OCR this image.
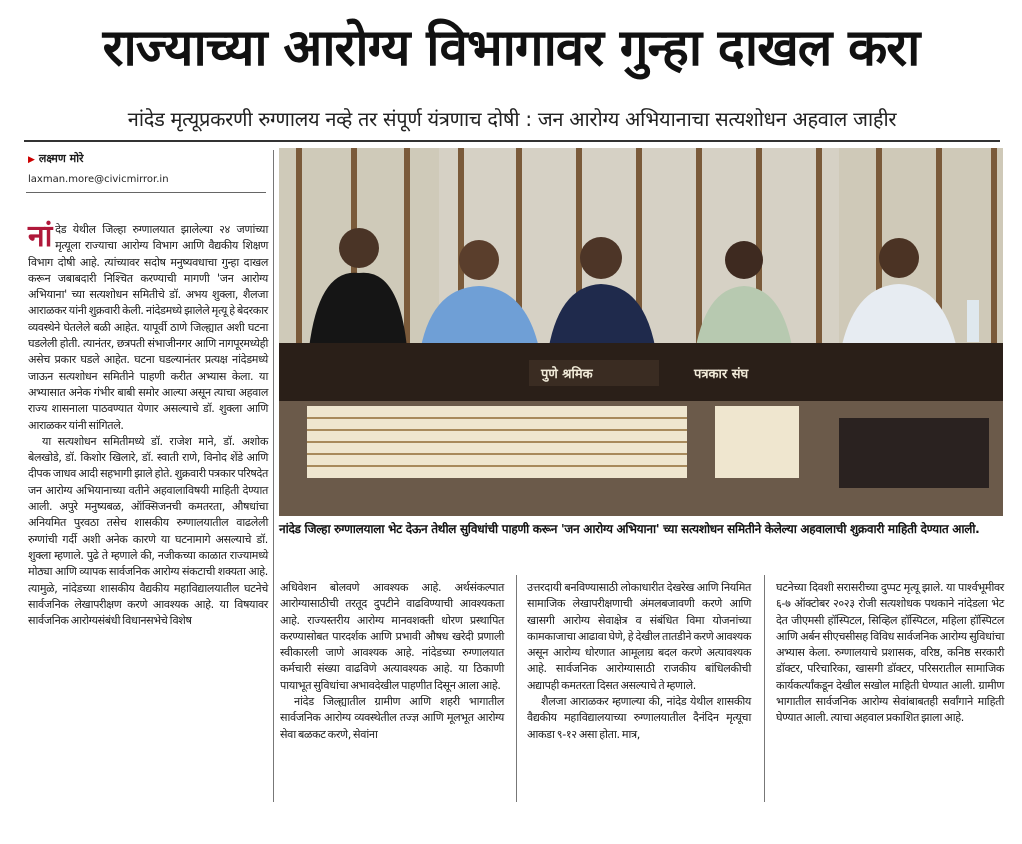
राज्याच्या आरोग्य विभागावर गुन्हा दाखल करा
नांदेड मृत्यूप्रकरणी रुग्णालय नव्हे तर संपूर्ण यंत्रणाच दोषी : जन आरोग्य अभियानाचा सत्यशोधन अहवाल जाहीर
▶ लक्ष्मण मोरे
laxman.more@civicmirror.in

नांदेड येथील जिल्हा रुग्णालयात झालेल्या २४ जणांच्या मृत्यूला राज्याचा आरोग्य विभाग आणि वैद्यकीय शिक्षण विभाग दोषी आहे. त्यांच्यावर सदोष मनुष्यवधाचा गुन्हा दाखल करून जबाबदारी निश्चित करण्याची मागणी 'जन आरोग्य अभियाना' च्या सत्यशोधन समितीचे डॉ. अभय शुक्ला, शैलजा आराळकर यांनी शुक्रवारी केली. नांदेडमध्ये झालेले मृत्यू हे बेदरकार व्यवस्थेने घेतलेले बळी आहेत. यापूर्वी ठाणे जिल्ह्यात अशी घटना घडलेली होती. त्यानंतर, छत्रपती संभाजीनगर आणि नागपूरमध्येही असेच प्रकार घडले आहेत. घटना घडल्यानंतर प्रत्यक्ष नांदेडमध्ये जाऊन सत्यशोधन समितीने पाहणी करीत अभ्यास केला. या अभ्यासात अनेक गंभीर बाबी समोर आल्या असून त्याचा अहवाल राज्य शासनाला पाठवण्यात येणार असल्याचे डॉ. शुक्ला आणि आराळकर यांनी सांगितले.

या सत्यशोधन समितीमध्ये डॉ. राजेश माने, डॉ. अशोक बेलखोडे, डॉ. किशोर खिलारे, डॉ. स्वाती राणे, विनोद शेंडे आणि दीपक जाधव आदी सहभागी झाले होते. शुक्रवारी पत्रकार परिषदेत जन आरोग्य अभियानाच्या वतीने अहवालाविषयी माहिती देण्यात आली. अपुरे मनुष्यबळ, ऑक्सिजनची कमतरता, औषधांचा अनियमित पुरवठा तसेच शासकीय रुग्णालयातील वाढलेली रुग्णांची गर्दी अशी अनेक कारणे या घटनामागे असल्याचे डॉ. शुक्ला म्हणाले. पुढे ते म्हणाले की, नजीकच्या काळात राज्यामध्ये मोठ्या आणि व्यापक सार्वजनिक आरोग्य संकटाची शक्यता आहे. त्यामुळे, नांदेडच्या शासकीय वैद्यकीय महाविद्यालयातील घटनेचे सार्वजनिक लेखापरीक्षण करणे आवश्यक आहे. या विषयावर सार्वजनिक आरोग्यसंबंधी विधानसभेचे विशेष

पुणे श्रमिक	पत्रकार संघ
नांदेड जिल्हा रुग्णालयाला भेट देऊन तेथील सुविधांची पाहणी करून 'जन आरोग्य अभियाना' च्या सत्यशोधन समितीने केलेल्या अहवालाची शुक्रवारी माहिती देण्यात आली.

अधिवेशन बोलवणे आवश्यक आहे. अर्थसंकल्पात आरोग्यासाठीची तरतूद दुपटीने वाढविण्याची आवश्यकता आहे. राज्यस्तरीय आरोग्य मानवशक्ती धोरण प्रस्थापित करण्यासोबत पारदर्शक आणि प्रभावी औषध खरेदी प्रणाली स्वीकारली जाणे आवश्यक आहे. नांदेडच्या रुग्णालयात कर्मचारी संख्या वाढविणे अत्यावश्यक आहे. या ठिकाणी पायाभूत सुविधांचा अभावदेखील पाहणीत दिसून आला आहे.

नांदेड जिल्ह्यातील ग्रामीण आणि शहरी भागातील सार्वजनिक आरोग्य व्यवस्थेतील तज्ज्ञ आणि मूलभूत आरोग्य सेवा बळकट करणे, सेवांना

उत्तरदायी बनविण्यासाठी लोकाधारीत देखरेख आणि नियमित सामाजिक लेखापरीक्षणाची अंमलबजावणी करणे आणि खासगी आरोग्य सेवाक्षेत्र व संबंधित विमा योजनांच्या कामकाजाचा आढावा घेणे, हे देखील तातडीने करणे आवश्यक असून आरोग्य धोरणात आमूलाग्र बदल करणे अत्यावश्यक आहे. सार्वजनिक आरोग्यासाठी राजकीय बांधिलकीची अद्यापही कमतरता दिसत असल्याचे ते म्हणाले.

शैलजा आराळकर म्हणाल्या की, नांदेड येथील शासकीय वैद्यकीय महाविद्यालयाच्या रुग्णालयातील दैनंदिन मृत्यूचा आकडा ९-१२ असा होता. मात्र,

घटनेच्या दिवशी सरासरीच्या दुप्पट मृत्यू झाले. या पार्श्वभूमीवर ६-७ ऑक्टोबर २०२३ रोजी सत्यशोधक पथकाने नांदेडला भेट देत जीएमसी हॉस्पिटल, सिव्हिल हॉस्पिटल, महिला हॉस्पिटल आणि अर्बन सीएचसीसह विविध सार्वजनिक आरोग्य सुविधांचा अभ्यास केला. रुग्णालयाचे प्रशासक, वरिष्ठ, कनिष्ठ सरकारी डॉक्टर, परिचारिका, खासगी डॉक्टर, परिसरातील सामाजिक कार्यकर्त्यांकडून देखील सखोल माहिती घेण्यात आली. ग्रामीण भागातील सार्वजनिक आरोग्य सेवांबाबतही सर्वांगाने माहिती घेण्यात आली. त्याचा अहवाल प्रकाशित झाला आहे.
